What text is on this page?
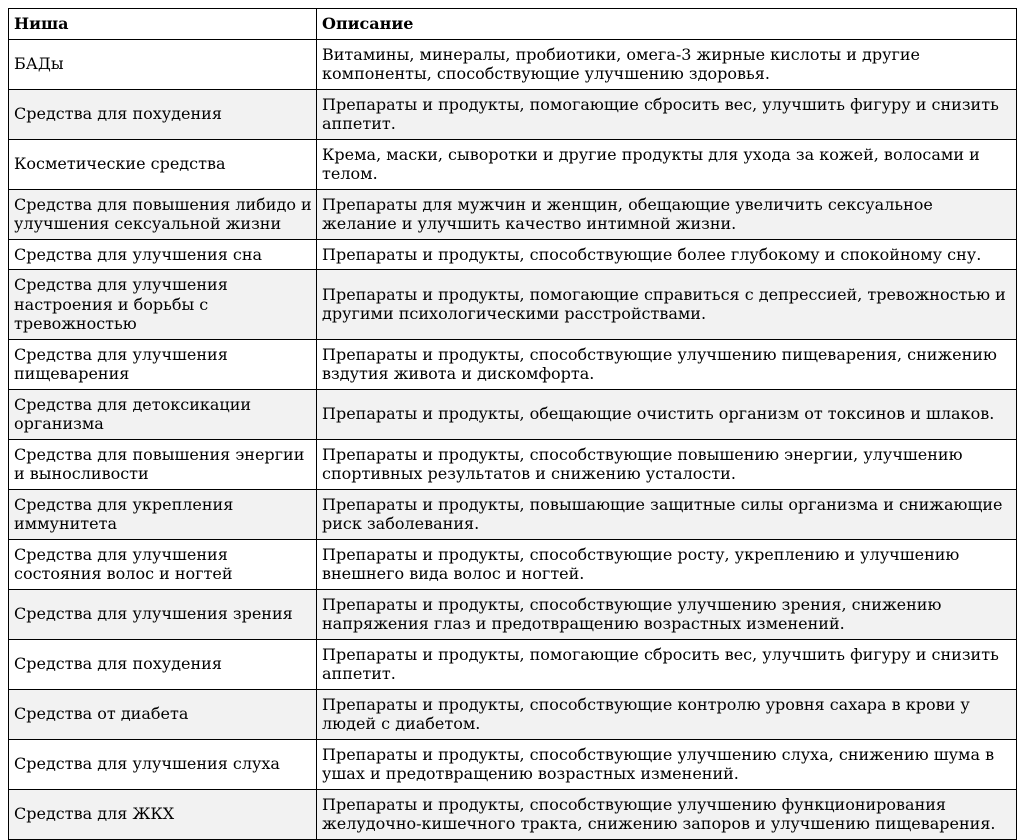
Ниша	Описание
БАДы	Витамины, минералы, пробиотики, омега-3 жирные кислоты и другие компоненты, способствующие улучшению здоровья.
Средства для похудения	Препараты и продукты, помогающие сбросить вес, улучшить фигуру и снизить аппетит.
Косметические средства	Крема, маски, сыворотки и другие продукты для ухода за кожей, волосами и телом.
Средства для повышения либидо и улучшения сексуальной жизни	Препараты для мужчин и женщин, обещающие увеличить сексуальное желание и улучшить качество интимной жизни.
Средства для улучшения сна	Препараты и продукты, способствующие более глубокому и спокойному сну.
Средства для улучшения настроения и борьбы с тревожностью	Препараты и продукты, помогающие справиться с депрессией, тревожностью и другими психологическими расстройствами.
Средства для улучшения пищеварения	Препараты и продукты, способствующие улучшению пищеварения, снижению вздутия живота и дискомфорта.
Средства для детоксикации организма	Препараты и продукты, обещающие очистить организм от токсинов и шлаков.
Средства для повышения энергии и выносливости	Препараты и продукты, способствующие повышению энергии, улучшению спортивных результатов и снижению усталости.
Средства для укрепления иммунитета	Препараты и продукты, повышающие защитные силы организма и снижающие риск заболевания.
Средства для улучшения состояния волос и ногтей	Препараты и продукты, способствующие росту, укреплению и улучшению внешнего вида волос и ногтей.
Средства для улучшения зрения	Препараты и продукты, способствующие улучшению зрения, снижению напряжения глаз и предотвращению возрастных изменений.
Средства для похудения	Препараты и продукты, помогающие сбросить вес, улучшить фигуру и снизить аппетит.
Средства от диабета	Препараты и продукты, способствующие контролю уровня сахара в крови у людей с диабетом.
Средства для улучшения слуха	Препараты и продукты, способствующие улучшению слуха, снижению шума в ушах и предотвращению возрастных изменений.
Средства для ЖКХ	Препараты и продукты, способствующие улучшению функционирования желудочно-кишечного тракта, снижению запоров и улучшению пищеварения.
